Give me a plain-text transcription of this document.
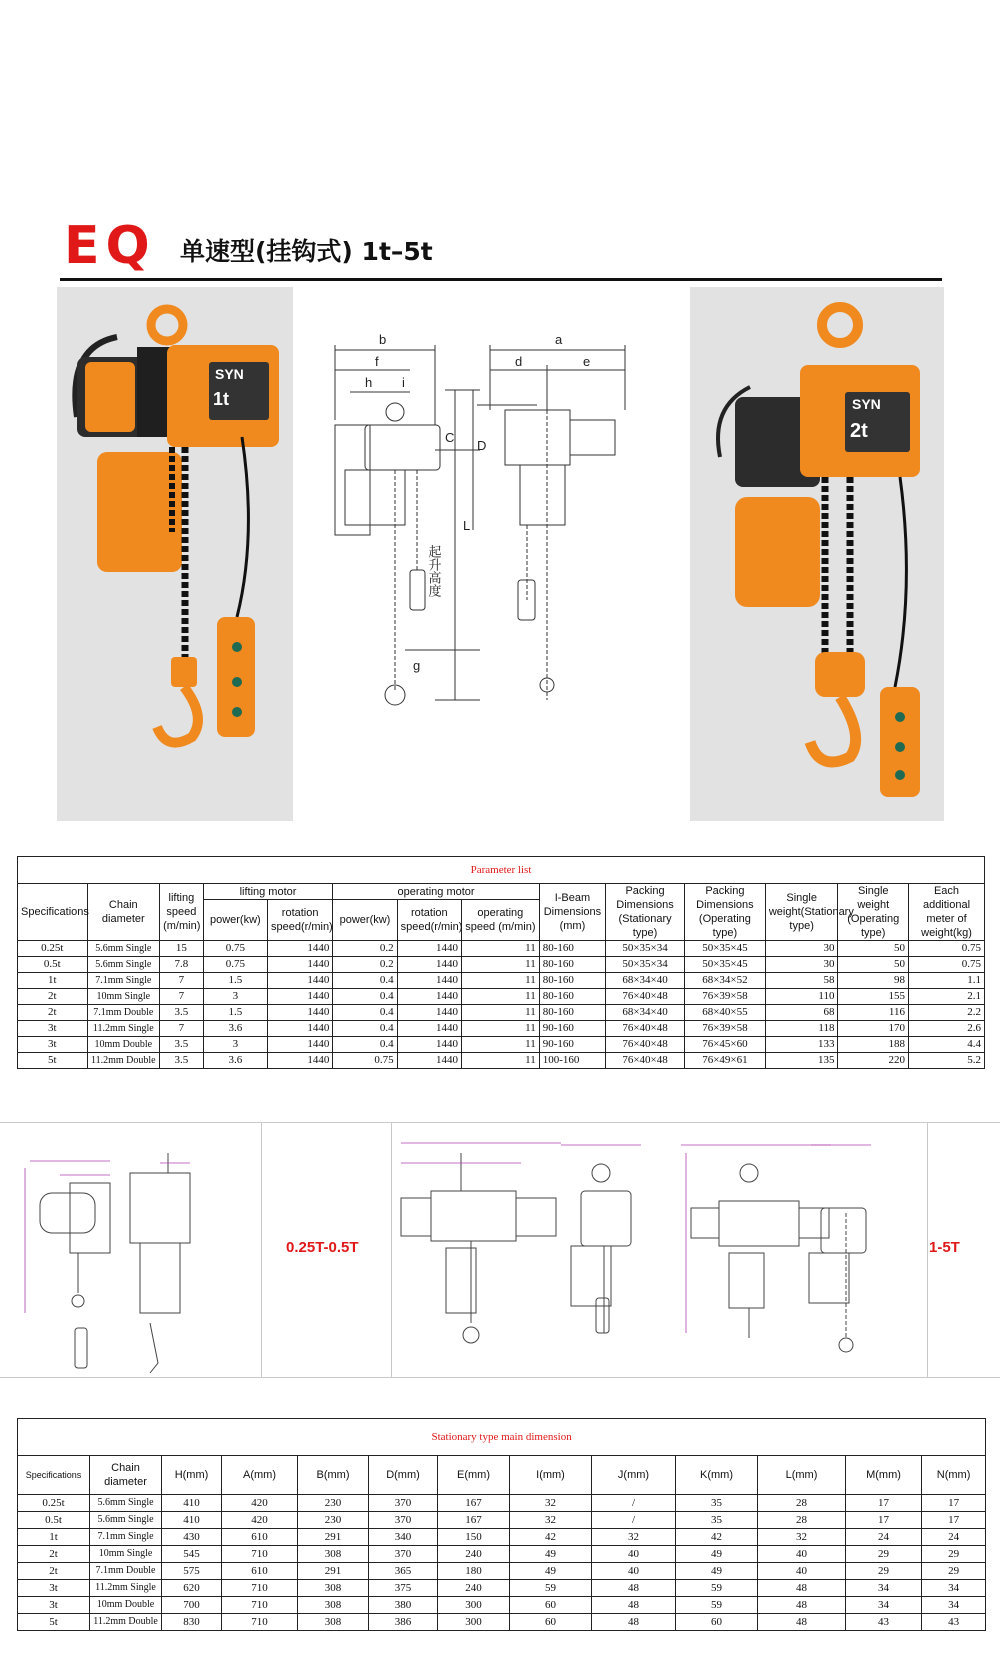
EQ 单速型(挂钩式) 1t–5t
SYN
1t
b
f
h i
C
D
L
g
a
d	e
起升高度
SYN
2t
Parameter list													
Specifications	Chain diameter	lifting speed (m/min)	lifting motor		operating motor			I-Beam Dimensions (mm)	Packing Dimensions (Stationary type)	Packing Dimensions (Operating type)	Single weight(Stationary type)	Single weight (Operating type)	Each additional meter of weight(kg)
			power(kw)	rotation speed(r/min)	power(kw)	rotation speed(r/min)	operating speed (m/min)						
0.25t	5.6mm Single	15	0.75	1440	0.2	1440	11	80-160	50×35×34	50×35×45	30	50	0.75
0.5t	5.6mm Single	7.8	0.75	1440	0.2	1440	11	80-160	50×35×34	50×35×45	30	50	0.75
1t	7.1mm Single	7	1.5	1440	0.4	1440	11	80-160	68×34×40	68×34×52	58	98	1.1
2t	10mm Single	7	3	1440	0.4	1440	11	80-160	76×40×48	76×39×58	110	155	2.1
2t	7.1mm Double	3.5	1.5	1440	0.4	1440	11	80-160	68×34×40	68×40×55	68	116	2.2
3t	11.2mm Single	7	3.6	1440	0.4	1440	11	90-160	76×40×48	76×39×58	118	170	2.6
3t	10mm Double	3.5	3	1440	0.4	1440	11	90-160	76×40×48	76×45×60	133	188	4.4
5t	11.2mm Double	3.5	3.6	1440	0.75	1440	11	100-160	76×40×48	76×49×61	135	220	5.2
0.25T-0.5T	1-5T
Stationary type main dimension												
Specifications	Chain diameter	H(mm)	A(mm)	B(mm)	D(mm)	E(mm)	I(mm)	J(mm)	K(mm)	L(mm)	M(mm)	N(mm)
0.25t	5.6mm Single	410	420	230	370	167	32	/	35	28	17	17
0.5t	5.6mm Single	410	420	230	370	167	32	/	35	28	17	17
1t	7.1mm Single	430	610	291	340	150	42	32	42	32	24	24
2t	10mm Single	545	710	308	370	240	49	40	49	40	29	29
2t	7.1mm Double	575	610	291	365	180	49	40	49	40	29	29
3t	11.2mm Single	620	710	308	375	240	59	48	59	48	34	34
3t	10mm Double	700	710	308	380	300	60	48	59	48	34	34
5t	11.2mm Double	830	710	308	386	300	60	48	60	48	43	43
